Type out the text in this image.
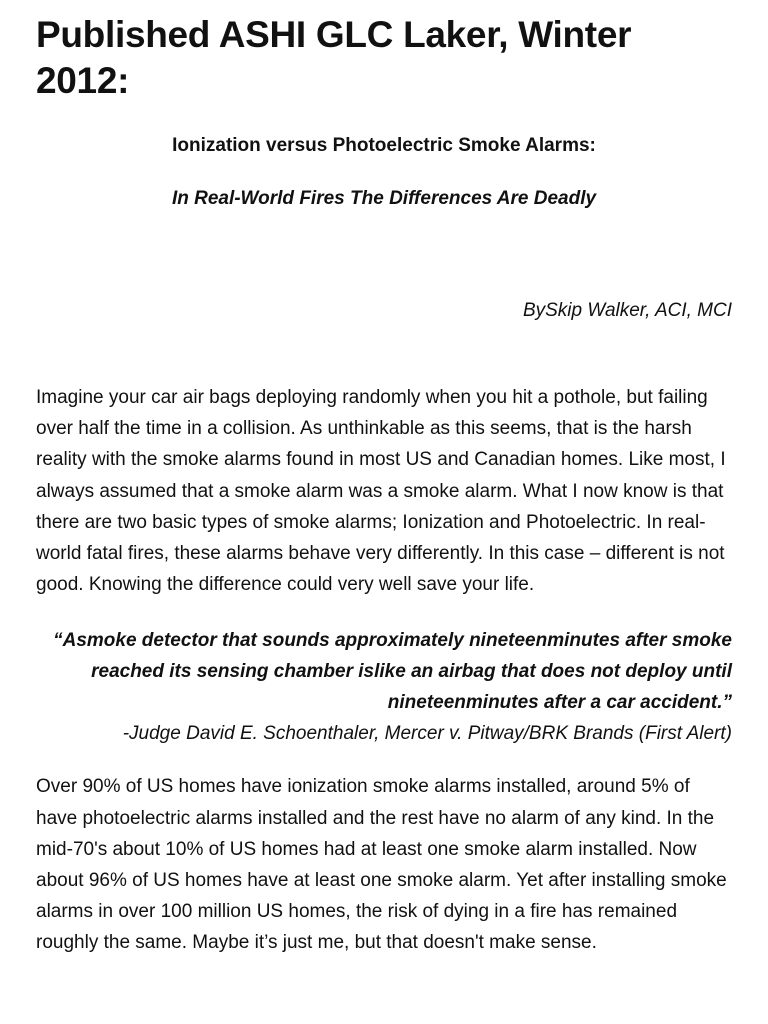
Published ASHI GLC Laker, Winter 2012:

Ionization versus Photoelectric Smoke Alarms:

In Real-World Fires The Differences Are Deadly

BySkip Walker, ACI, MCI

Imagine your car air bags deploying randomly when you hit a pothole, but failing over half the time in a collision. As unthinkable as this seems, that is the harsh reality with the smoke alarms found in most US and Canadian homes. Like most, I always assumed that a smoke alarm was a smoke alarm. What I now know is that there are two basic types of smoke alarms; Ionization and Photoelectric. In real-world fatal fires, these alarms behave very differently. In this case – different is not good. Knowing the difference could very well save your life.

“Asmoke detector that sounds approximately nineteenminutes after smoke reached its sensing chamber islike an airbag that does not deploy until nineteenminutes after a car accident.”

-Judge David E. Schoenthaler, Mercer v. Pitway/BRK Brands (First Alert)

Over 90% of US homes have ionization smoke alarms installed, around 5% of have photoelectric alarms installed and the rest have no alarm of any kind. In the mid-70's about 10% of US homes had at least one smoke alarm installed. Now about 96% of US homes have at least one smoke alarm. Yet after installing smoke alarms in over 100 million US homes, the risk of dying in a fire has remained roughly the same. Maybe it’s just me, but that doesn't make sense.
